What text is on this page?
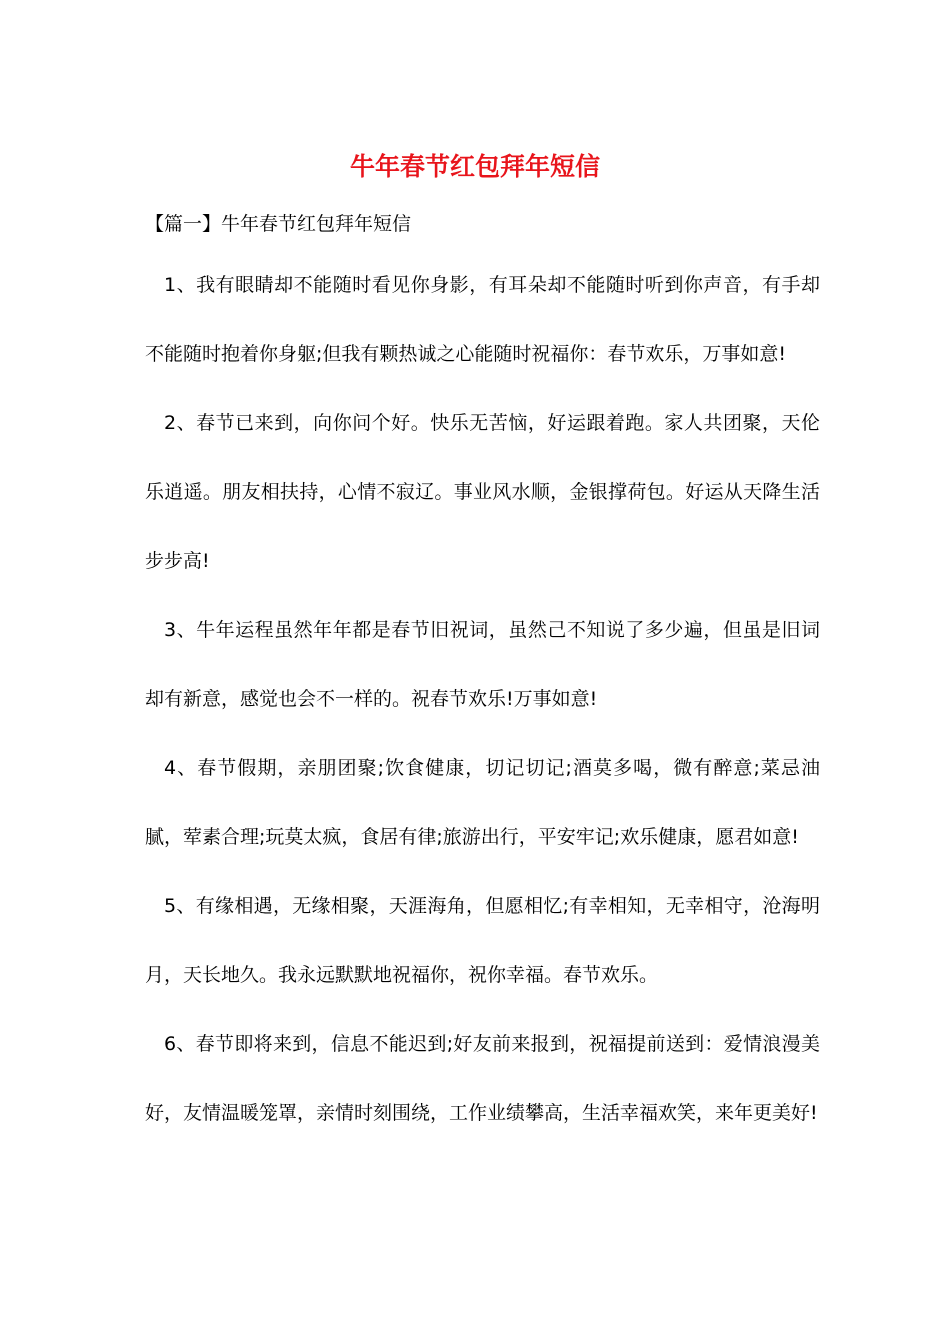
牛年春节红包拜年短信

【篇一】牛年春节红包拜年短信

1、我有眼睛却不能随时看见你身影，有耳朵却不能随时听到你声音，有手却不能随时抱着你身躯;但我有颗热诚之心能随时祝福你：春节欢乐，万事如意!

2、春节已来到，向你问个好。快乐无苦恼，好运跟着跑。家人共团聚，天伦乐逍遥。朋友相扶持，心情不寂辽。事业风水顺，金银撑荷包。好运从天降生活步步高!

3、牛年运程虽然年年都是春节旧祝词，虽然己不知说了多少遍，但虽是旧词却有新意，感觉也会不一样的。祝春节欢乐!万事如意!

4、春节假期，亲朋团聚;饮食健康，切记切记;酒莫多喝，微有醉意;菜忌油腻，荤素合理;玩莫太疯，食居有律;旅游出行，平安牢记;欢乐健康，愿君如意!

5、有缘相遇，无缘相聚，天涯海角，但愿相忆;有幸相知，无幸相守，沧海明月，天长地久。我永远默默地祝福你，祝你幸福。春节欢乐。

6、春节即将来到，信息不能迟到;好友前来报到，祝福提前送到：爱情浪漫美好，友情温暖笼罩，亲情时刻围绕，工作业绩攀高，生活幸福欢笑，来年更美好!
